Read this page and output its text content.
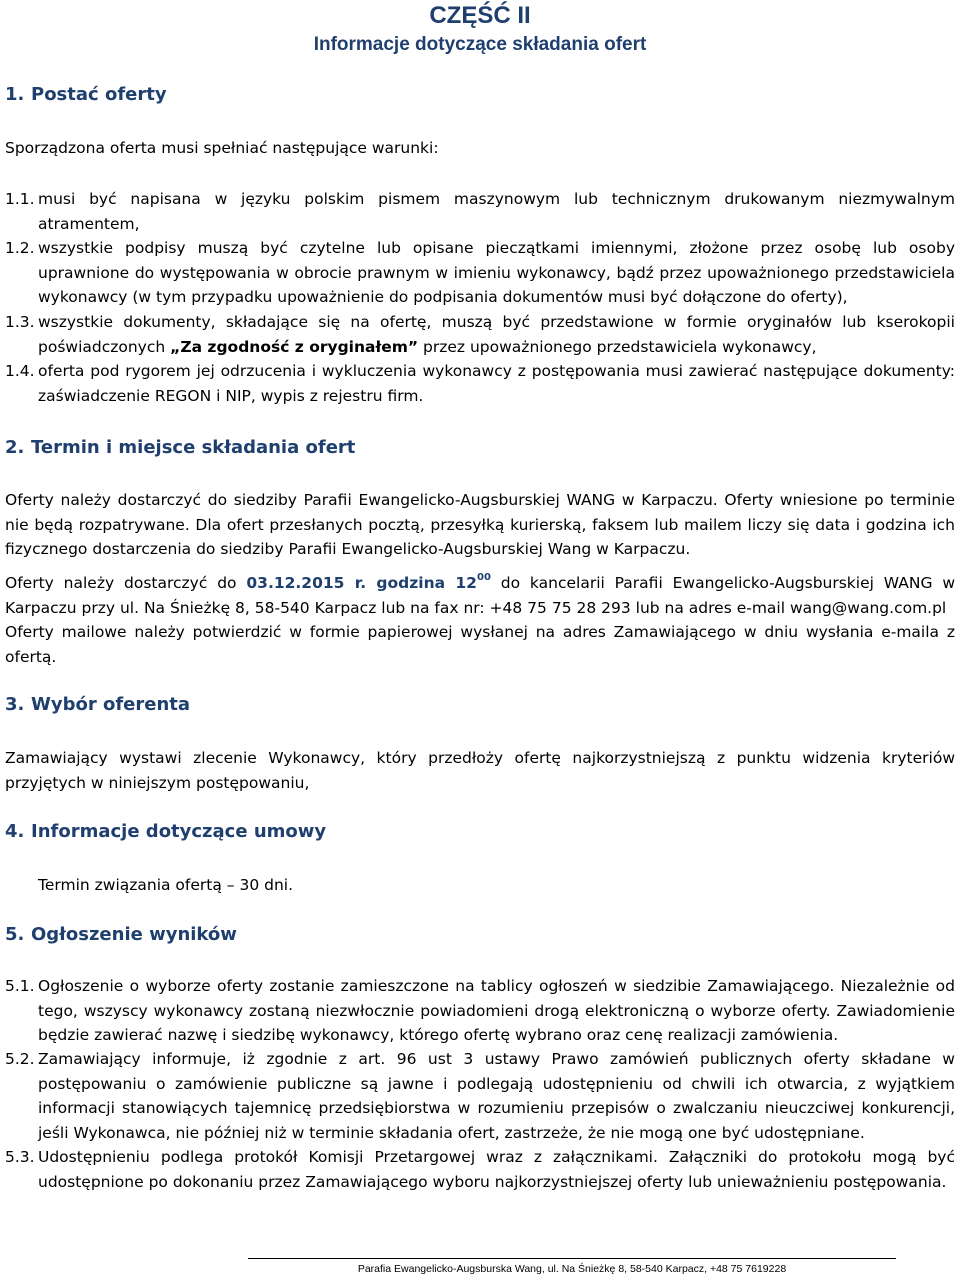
CZĘŚĆ II
Informacje dotyczące składania ofert
1. Postać oferty
Sporządzona oferta musi spełniać następujące warunki:
1.1. musi być napisana w języku polskim pismem maszynowym lub technicznym drukowanym niezmywalnym atramentem,
1.2. wszystkie podpisy muszą być czytelne lub opisane pieczątkami imiennymi, złożone przez osobę lub osoby uprawnione do występowania w obrocie prawnym w imieniu wykonawcy, bądź przez upoważnionego przedstawiciela wykonawcy (w tym przypadku upoważnienie do podpisania dokumentów musi być dołączone do oferty),
1.3. wszystkie dokumenty, składające się na ofertę, muszą być przedstawione w formie oryginałów lub kserokopii poświadczonych „Za zgodność z oryginałem” przez upoważnionego przedstawiciela wykonawcy,
1.4. oferta pod rygorem jej odrzucenia i wykluczenia wykonawcy z postępowania musi zawierać następujące dokumenty: zaświadczenie REGON i NIP, wypis z rejestru firm.
2. Termin i miejsce składania ofert
Oferty należy dostarczyć do siedziby Parafii Ewangelicko-Augsburskiej WANG w Karpaczu. Oferty wniesione po terminie nie będą rozpatrywane. Dla ofert przesłanych pocztą, przesyłką kurierską, faksem lub mailem liczy się data i godzina ich fizycznego dostarczenia do siedziby Parafii Ewangelicko-Augsburskiej Wang w Karpaczu.
Oferty należy dostarczyć do 03.12.2015 r. godzina $12^{00}$ do kancelarii Parafii Ewangelicko-Augsburskiej WANG w Karpaczu przy ul. Na Śnieżkę 8, 58-540 Karpacz lub na fax nr: +48 75 75 28 293 lub na adres e-mail wang@wang.com.pl
Oferty mailowe należy potwierdzić w formie papierowej wysłanej na adres Zamawiającego w dniu wysłania e-maila z ofertą.
3. Wybór oferenta
Zamawiający wystawi zlecenie Wykonawcy, który przedłoży ofertę najkorzystniejszą z punktu widzenia kryteriów przyjętych w niniejszym postępowaniu,
4. Informacje dotyczące umowy
Termin związania ofertą – 30 dni.
5. Ogłoszenie wyników
5.1. Ogłoszenie o wyborze oferty zostanie zamieszczone na tablicy ogłoszeń w siedzibie Zamawiającego. Niezależnie od tego, wszyscy wykonawcy zostaną niezwłocznie powiadomieni drogą elektroniczną o wyborze oferty. Zawiadomienie będzie zawierać nazwę i siedzibę wykonawcy, którego ofertę wybrano oraz cenę realizacji zamówienia.
5.2. Zamawiający informuje, iż zgodnie z art. 96 ust 3 ustawy Prawo zamówień publicznych oferty składane w postępowaniu o zamówienie publiczne są jawne i podlegają udostępnieniu od chwili ich otwarcia, z wyjątkiem informacji stanowiących tajemnicę przedsiębiorstwa w rozumieniu przepisów o zwalczaniu nieuczciwej konkurencji, jeśli Wykonawca, nie później niż w terminie składania ofert, zastrzeże, że nie mogą one być udostępniane.
5.3. Udostępnieniu podlega protokół Komisji Przetargowej wraz z załącznikami. Załączniki do protokołu mogą być udostępnione po dokonaniu przez Zamawiającego wyboru najkorzystniejszej oferty lub unieważnieniu postępowania.
Parafia Ewangelicko-Augsburska Wang, ul. Na Śnieżkę 8, 58-540 Karpacz, +48 75 7619228
